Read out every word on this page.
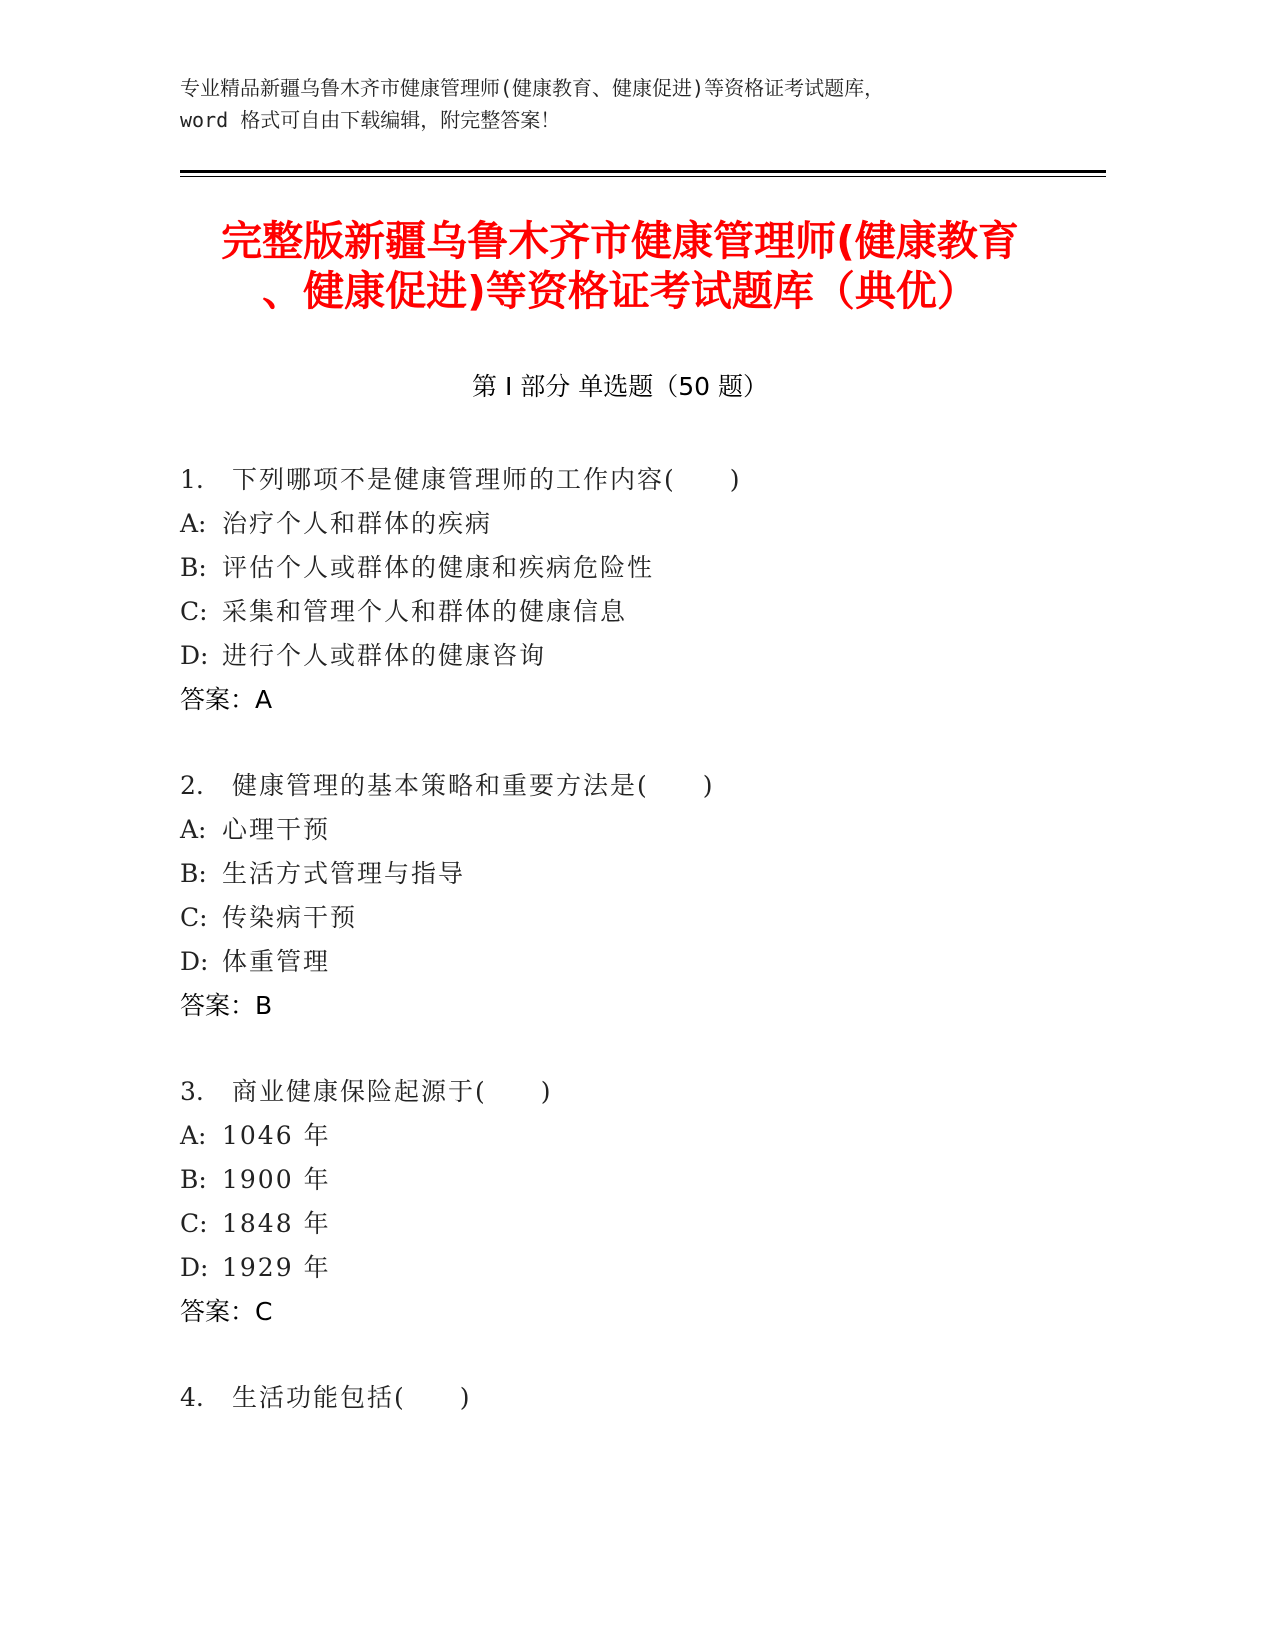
专业精品新疆乌鲁木齐市健康管理师(健康教育、健康促进)等资格证考试题库，
word 格式可自由下载编辑，附完整答案！
完整版新疆乌鲁木齐市健康管理师(健康教育
、健康促进)等资格证考试题库（典优）
第 I 部分 单选题（50 题）
1. 下列哪项不是健康管理师的工作内容(　　)
A: 治疗个人和群体的疾病
B: 评估个人或群体的健康和疾病危险性
C: 采集和管理个人和群体的健康信息
D: 进行个人或群体的健康咨询
答案：A
2. 健康管理的基本策略和重要方法是(　　)
A: 心理干预
B: 生活方式管理与指导
C: 传染病干预
D: 体重管理
答案：B
3. 商业健康保险起源于(　　)
A: 1046 年
B: 1900 年
C: 1848 年
D: 1929 年
答案：C
4. 生活功能包括(　　)
